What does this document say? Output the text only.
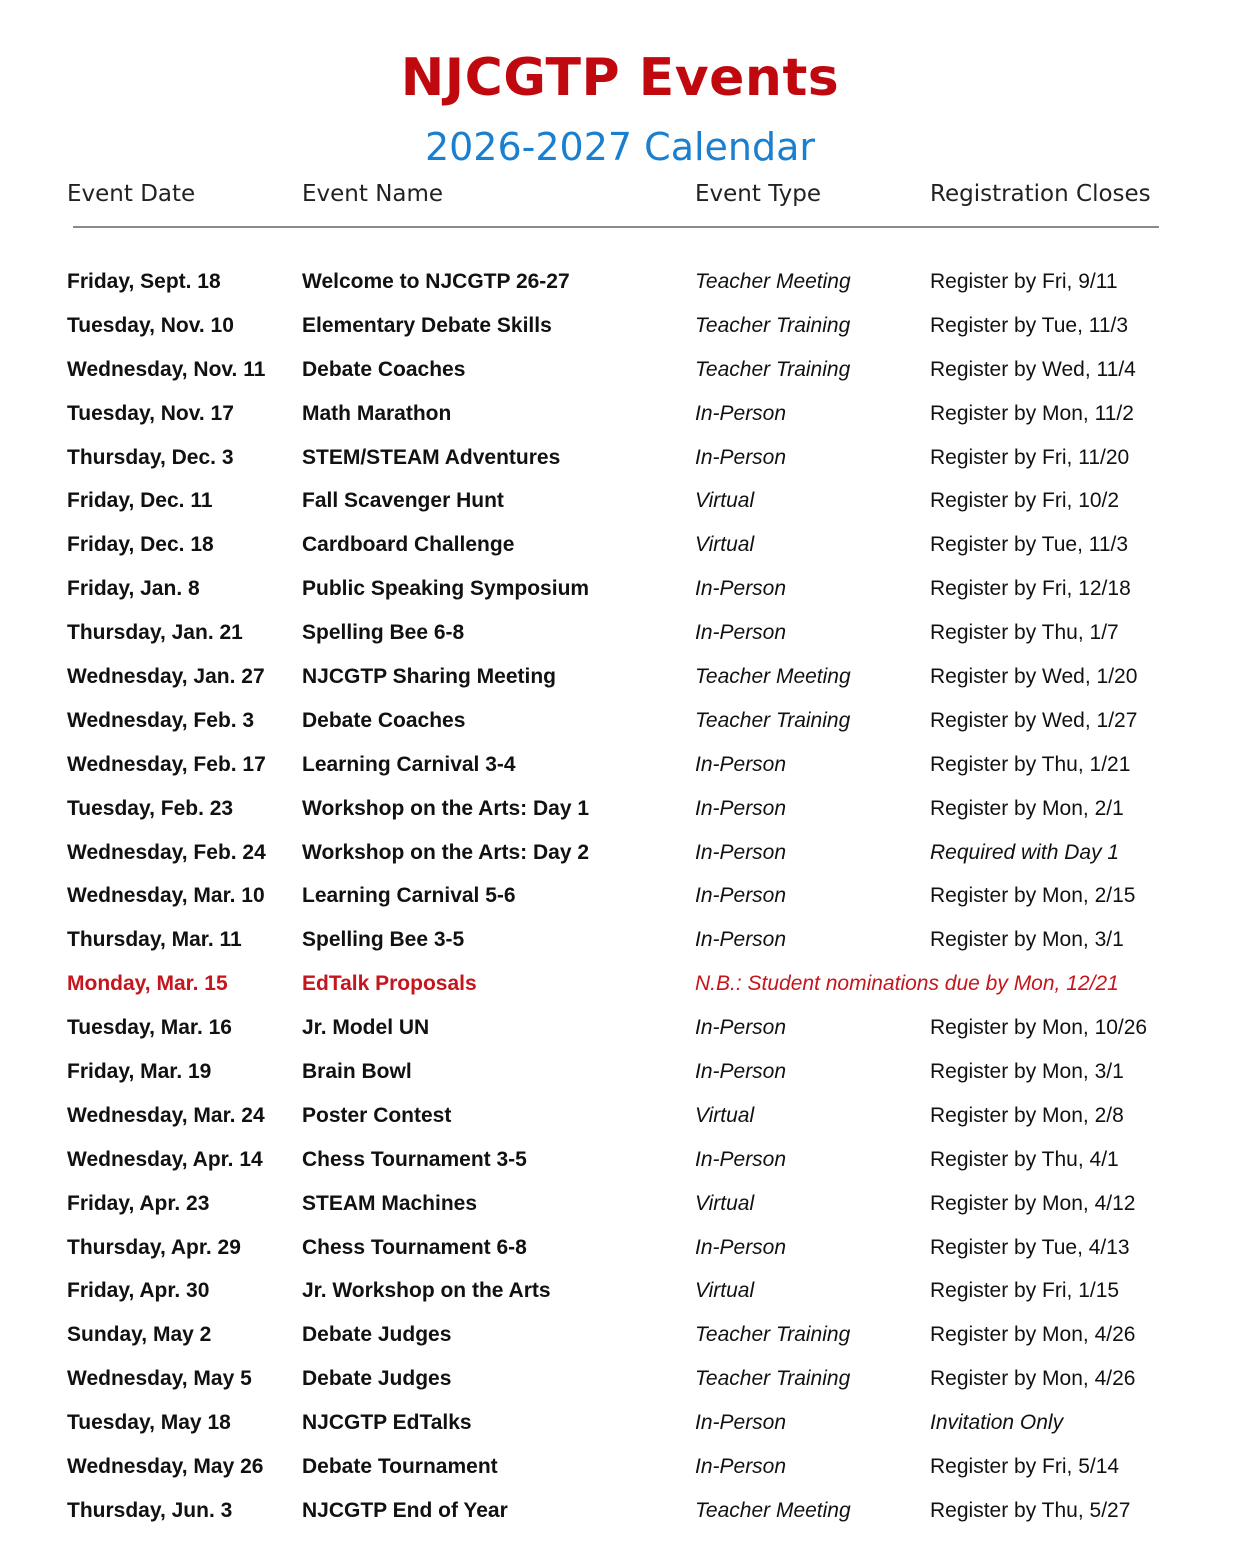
NJCGTP Events
2026-2027 Calendar
Event Date	Event Name	Event Type	Registration Closes
Friday, Sept. 18	Welcome to NJCGTP 26-27	Teacher Meeting	Register by Fri, 9/11
Tuesday, Nov. 10	Elementary Debate Skills	Teacher Training	Register by Tue, 11/3
Wednesday, Nov. 11 Debate Coaches	Teacher Training	Register by Wed, 11/4
Tuesday, Nov. 17	Math Marathon	In-Person	Register by Mon, 11/2
Thursday, Dec. 3	STEM/STEAM Adventures	In-Person	Register by Fri, 11/20
Friday, Dec. 11	Fall Scavenger Hunt	Virtual	Register by Fri, 10/2
Friday, Dec. 18	Cardboard Challenge	Virtual	Register by Tue, 11/3
Friday, Jan. 8	Public Speaking Symposium	In-Person	Register by Fri, 12/18
Thursday, Jan. 21	Spelling Bee 6-8	In-Person	Register by Thu, 1/7
Wednesday, Jan. 27 NJCGTP Sharing Meeting	Teacher Meeting	Register by Wed, 1/20
Wednesday, Feb. 3 Debate Coaches	Teacher Training	Register by Wed, 1/27
Wednesday, Feb. 17 Learning Carnival 3-4	In-Person	Register by Thu, 1/21
Tuesday, Feb. 23	Workshop on the Arts: Day 1	In-Person	Register by Mon, 2/1
Wednesday, Feb. 24 Workshop on the Arts: Day 2	In-Person	Required with Day 1
Wednesday, Mar. 10 Learning Carnival 5-6	In-Person	Register by Mon, 2/15
Thursday, Mar. 11	Spelling Bee 3-5	In-Person	Register by Mon, 3/1
Monday, Mar. 15	EdTalk Proposals	N.B.: Student nominations due by Mon, 12/21
Tuesday, Mar. 16	Jr. Model UN	In-Person	Register by Mon, 10/26
Friday, Mar. 19	Brain Bowl	In-Person	Register by Mon, 3/1
Wednesday, Mar. 24 Poster Contest	Virtual	Register by Mon, 2/8
Wednesday, Apr. 14 Chess Tournament 3-5	In-Person	Register by Thu, 4/1
Friday, Apr. 23	STEAM Machines	Virtual	Register by Mon, 4/12
Thursday, Apr. 29	Chess Tournament 6-8	In-Person	Register by Tue, 4/13
Friday, Apr. 30	Jr. Workshop on the Arts	Virtual	Register by Fri, 1/15
Sunday, May 2	Debate Judges	Teacher Training	Register by Mon, 4/26
Wednesday, May 5 Debate Judges	Teacher Training	Register by Mon, 4/26
Tuesday, May 18	NJCGTP EdTalks	In-Person	Invitation Only
Wednesday, May 26 Debate Tournament	In-Person	Register by Fri, 5/14
Thursday, Jun. 3	NJCGTP End of Year	Teacher Meeting	Register by Thu, 5/27
